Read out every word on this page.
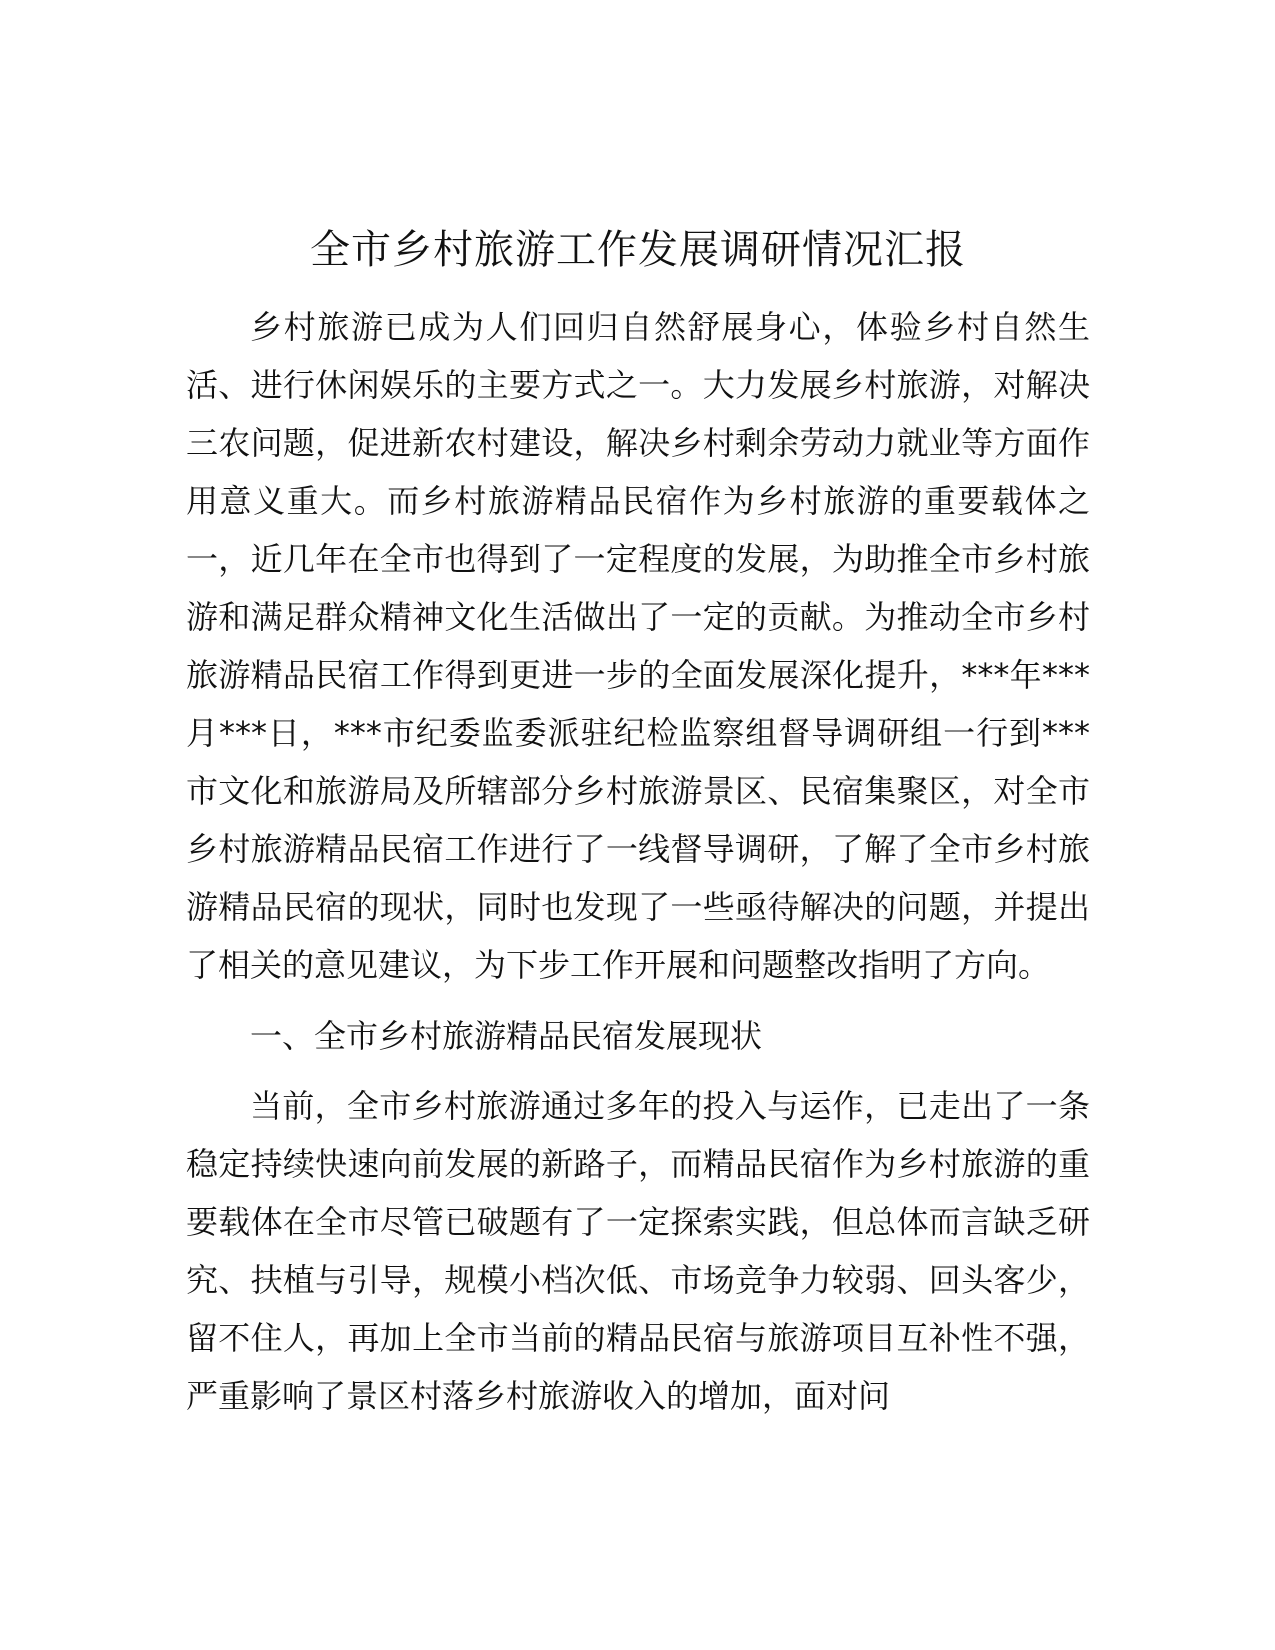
全市乡村旅游工作发展调研情况汇报

乡村旅游已成为人们回归自然舒展身心，体验乡村自然生活、进行休闲娱乐的主要方式之一。大力发展乡村旅游，对解决三农问题，促进新农村建设，解决乡村剩余劳动力就业等方面作用意义重大。而乡村旅游精品民宿作为乡村旅游的重要载体之一，近几年在全市也得到了一定程度的发展，为助推全市乡村旅游和满足群众精神文化生活做出了一定的贡献。为推动全市乡村旅游精品民宿工作得到更进一步的全面发展深化提升，***年***月***日，***市纪委监委派驻纪检监察组督导调研组一行到***市文化和旅游局及所辖部分乡村旅游景区、民宿集聚区，对全市乡村旅游精品民宿工作进行了一线督导调研，了解了全市乡村旅游精品民宿的现状，同时也发现了一些亟待解决的问题，并提出了相关的意见建议，为下步工作开展和问题整改指明了方向。

一、全市乡村旅游精品民宿发展现状

当前，全市乡村旅游通过多年的投入与运作，已走出了一条稳定持续快速向前发展的新路子，而精品民宿作为乡村旅游的重要载体在全市尽管已破题有了一定探索实践，但总体而言缺乏研究、扶植与引导，规模小档次低、市场竞争力较弱、回头客少，留不住人，再加上全市当前的精品民宿与旅游项目互补性不强，严重影响了景区村落乡村旅游收入的增加，面对问
